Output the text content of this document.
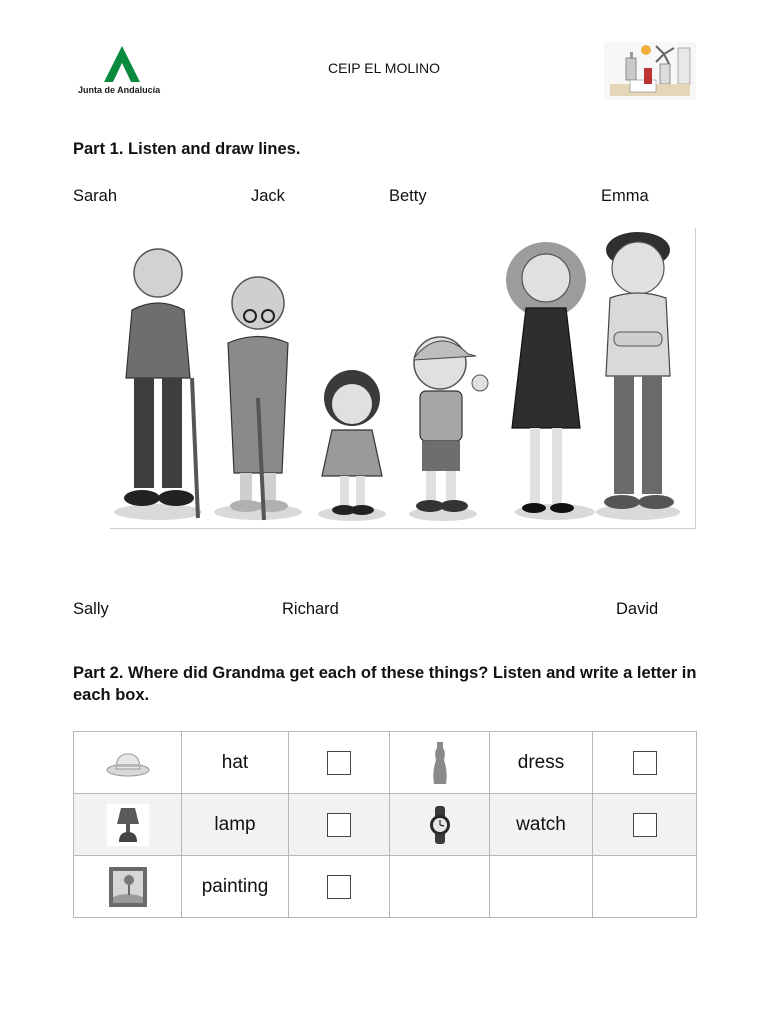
Junta de Andalucía
CEIP EL MOLINO
Part 1. Listen and draw lines.
Sarah	Jack	Betty	Emma
Sally	Richard	David
Part 2. Where did Grandma get each of these things? Listen and write a letter in each box.
	hat			dress	
	lamp			watch	
	painting				
